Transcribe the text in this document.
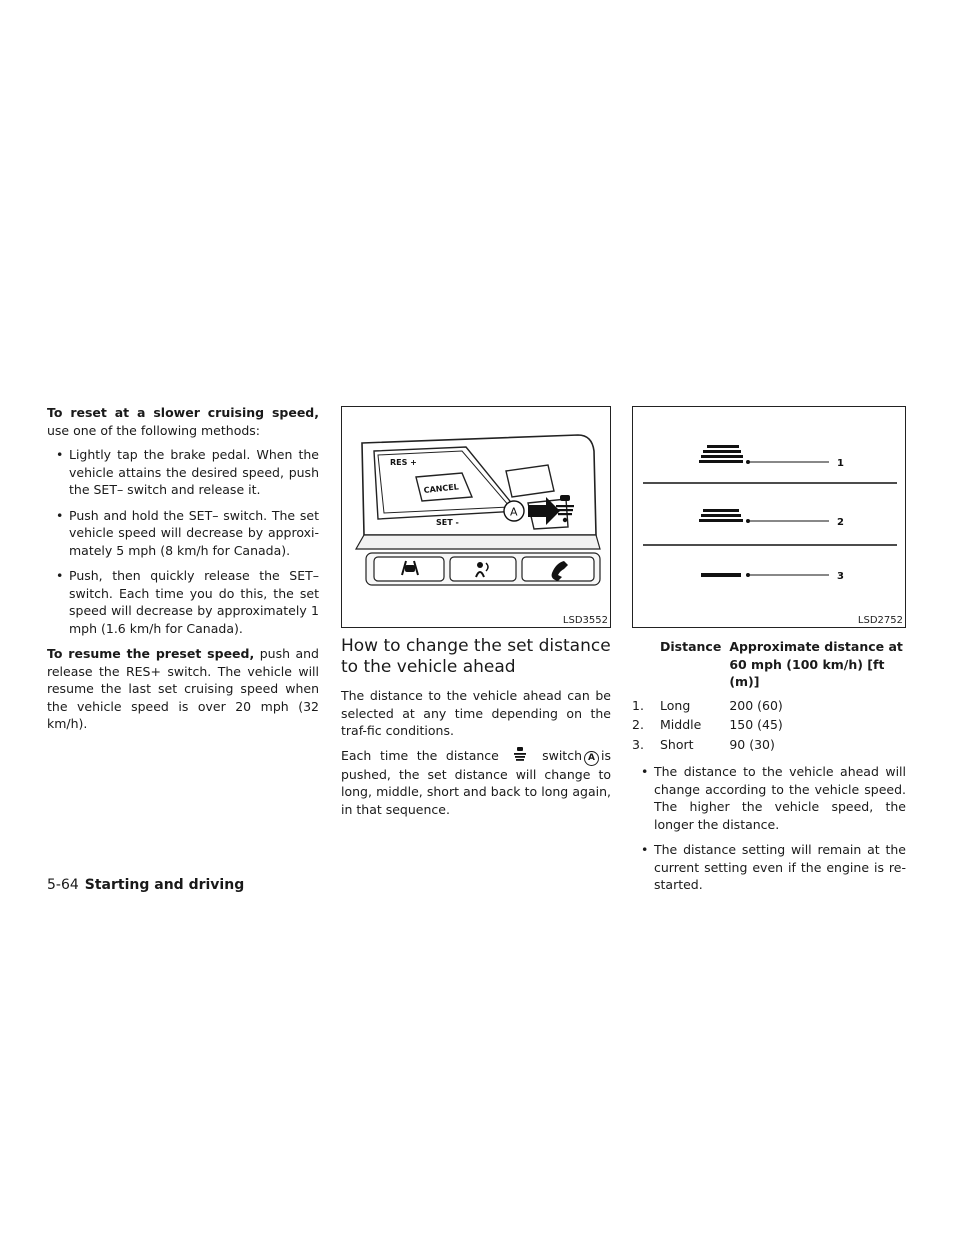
To reset at a slower cruising speed, use one of the following methods:

• Lightly tap the brake pedal. When the vehicle attains the desired speed, push the SET– switch and release it.
• Push and hold the SET– switch. The set vehicle speed will decrease by approxi-mately 5 mph (8 km/h for Canada).
• Push, then quickly release the SET– switch. Each time you do this, the set speed will decrease by approximately 1 mph (1.6 km/h for Canada).

To resume the preset speed, push and release the RES+ switch. The vehicle will resume the last set cruising speed when the vehicle speed is over 20 mph (32 km/h).

RES +
CANCEL
SET -
A
LSD3552
How to change the set distance to the vehicle ahead

The distance to the vehicle ahead can be selected at any time depending on the traf-fic conditions.

Each time the distance	switch A is pushed, the set distance will change to long, middle, short and back to long again, in that sequence.

1
2
3
LSD2752
	Distance	Approximate distance at 60 mph (100 km/h) [ft (m)]

1.	Long	200 (60)
2.	Middle	150 (45)
3.	Short	90 (30)
• The distance to the vehicle ahead will change according to the vehicle speed. The higher the vehicle speed, the longer the distance.
• The distance setting will remain at the current setting even if the engine is re-started.
5-64 Starting and driving
